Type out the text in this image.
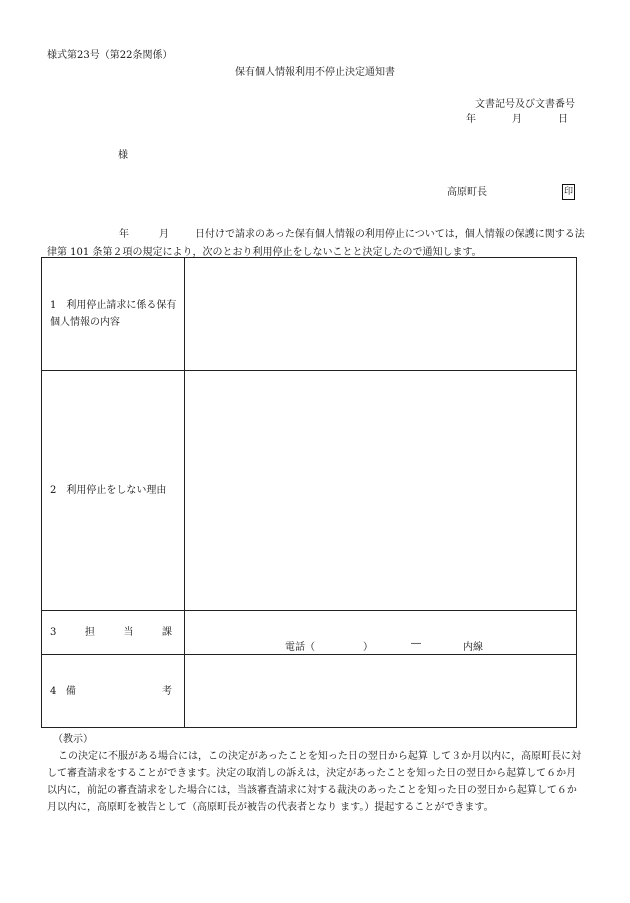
様式第23号（第22条関係）
保有個人情報利用不停止決定通知書
文書記号及び文書番号
年	月	日
様
高原町長	印
年	月	日付けで請求のあった保有個人情報の利用停止については，個人情報の保護に関する法律第 101 条第２項の規定により，次のとおり利用停止をしないことと決定したので通知します。
1　利用停止請求に係る保有個人情報の内容	
2　利用停止をしない理由	

3 担 当 課	電話（ ） ― 内線

4 備 考	

（教示）
この決定に不服がある場合には，この決定があったことを知った日の翌日から起算 して３か月以内に，高原町長に対して審査請求をすることができます。決定の取消しの訴えは，決定があったことを知った日の翌日から起算して６か月以内に，前記の審査請求をした場合には，当該審査請求に対する裁決のあったことを知った日の翌日から起算して６か月以内に，高原町を被告として（高原町長が被告の代表者となり ます。）提起することができます。
